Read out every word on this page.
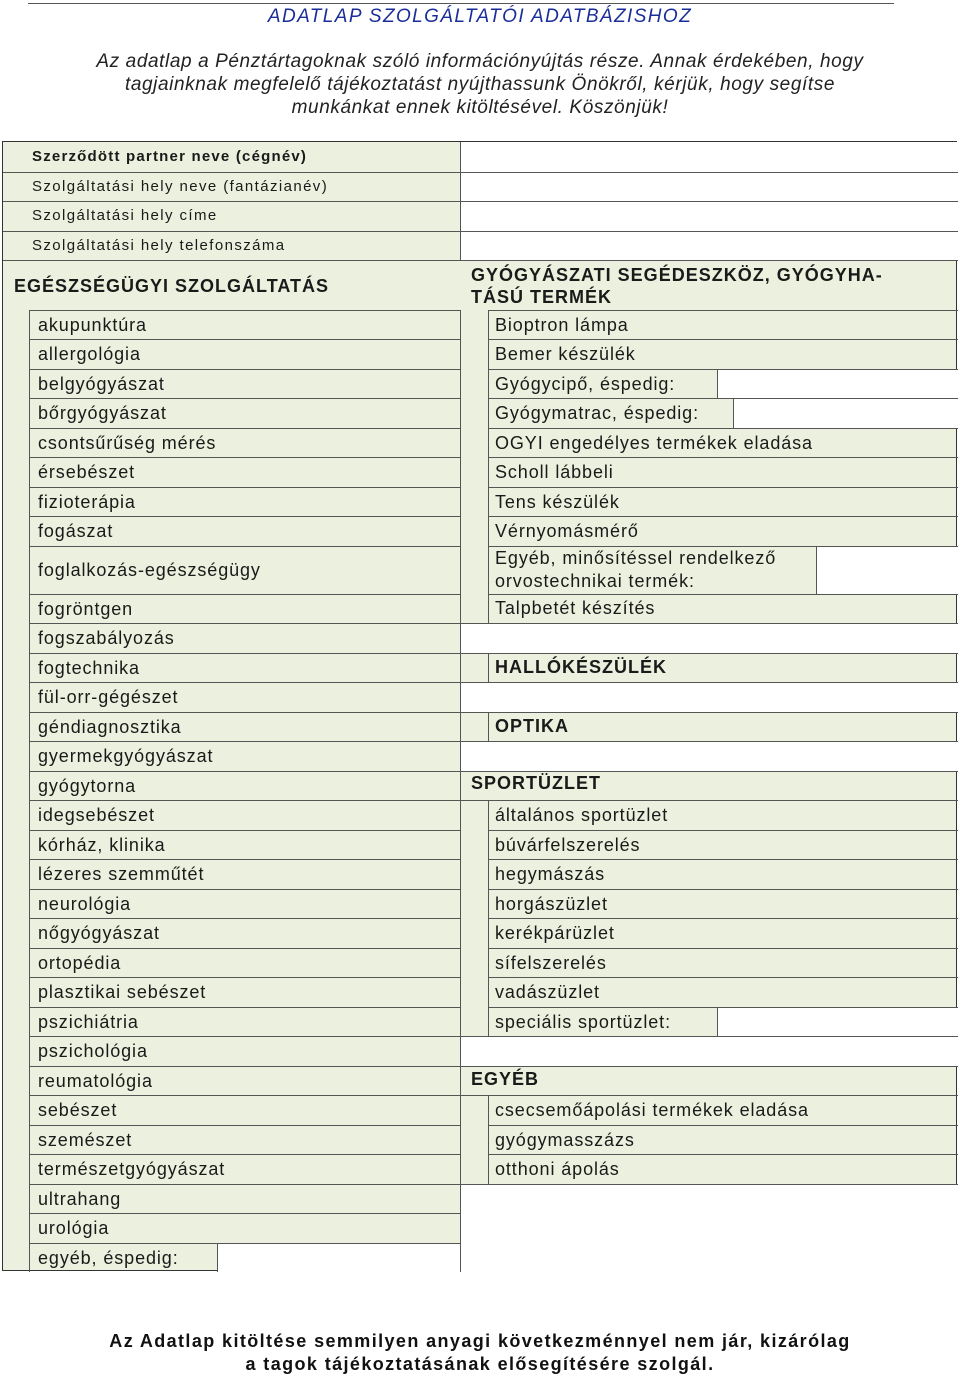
ADATLAP SZOLGÁLTATÓI ADATBÁZISHOZ
Az adatlap a Pénztártagoknak szóló információnyújtás része. Annak érdekében, hogy
tagjainknak megfelelő tájékoztatást nyújthassunk Önökről, kérjük, hogy segítse
munkánkat ennek kitöltésével. Köszönjük!
Szerződött partner neve (cégnév)
Szolgáltatási hely neve (fantázianév)
Szolgáltatási hely címe
Szolgáltatási hely telefonszáma
EGÉSZSÉGÜGYI SZOLGÁLTATÁS
GYÓGYÁSZATI SEGÉDESZKÖZ, GYÓGYHA-
TÁSÚ TERMÉK
akupunktúra
allergológia
belgyógyászat
bőrgyógyászat
csontsűrűség mérés
érsebészet
fizioterápia
fogászat
foglalkozás-egészségügy
fogröntgen
fogszabályozás
fogtechnika
fül-orr-gégészet
géndiagnosztika
gyermekgyógyászat
gyógytorna
idegsebészet
kórház, klinika
lézeres szemműtét
neurológia
nőgyógyászat
ortopédia
plasztikai sebészet
pszichiátria
pszichológia
reumatológia
sebészet
szemészet
természetgyógyászat
ultrahang
urológia
egyéb, éspedig:
Bioptron lámpa
Bemer készülék
Gyógycipő, éspedig:
Gyógymatrac, éspedig:
OGYI engedélyes termékek eladása
Scholl lábbeli
Tens készülék
Vérnyomásmérő
Egyéb, minősítéssel rendelkező
orvostechnikai termék:
Talpbetét készítés
HALLÓKÉSZÜLÉK
OPTIKA
SPORTÜZLET
általános sportüzlet
búvárfelszerelés
hegymászás
horgászüzlet
kerékpárüzlet
sífelszerelés
vadászüzlet
speciális sportüzlet:
EGYÉB
csecsemőápolási termékek eladása
gyógymasszázs
otthoni ápolás
Az Adatlap kitöltése semmilyen anyagi következménnyel nem jár, kizárólag
a tagok tájékoztatásának elősegítésére szolgál.
